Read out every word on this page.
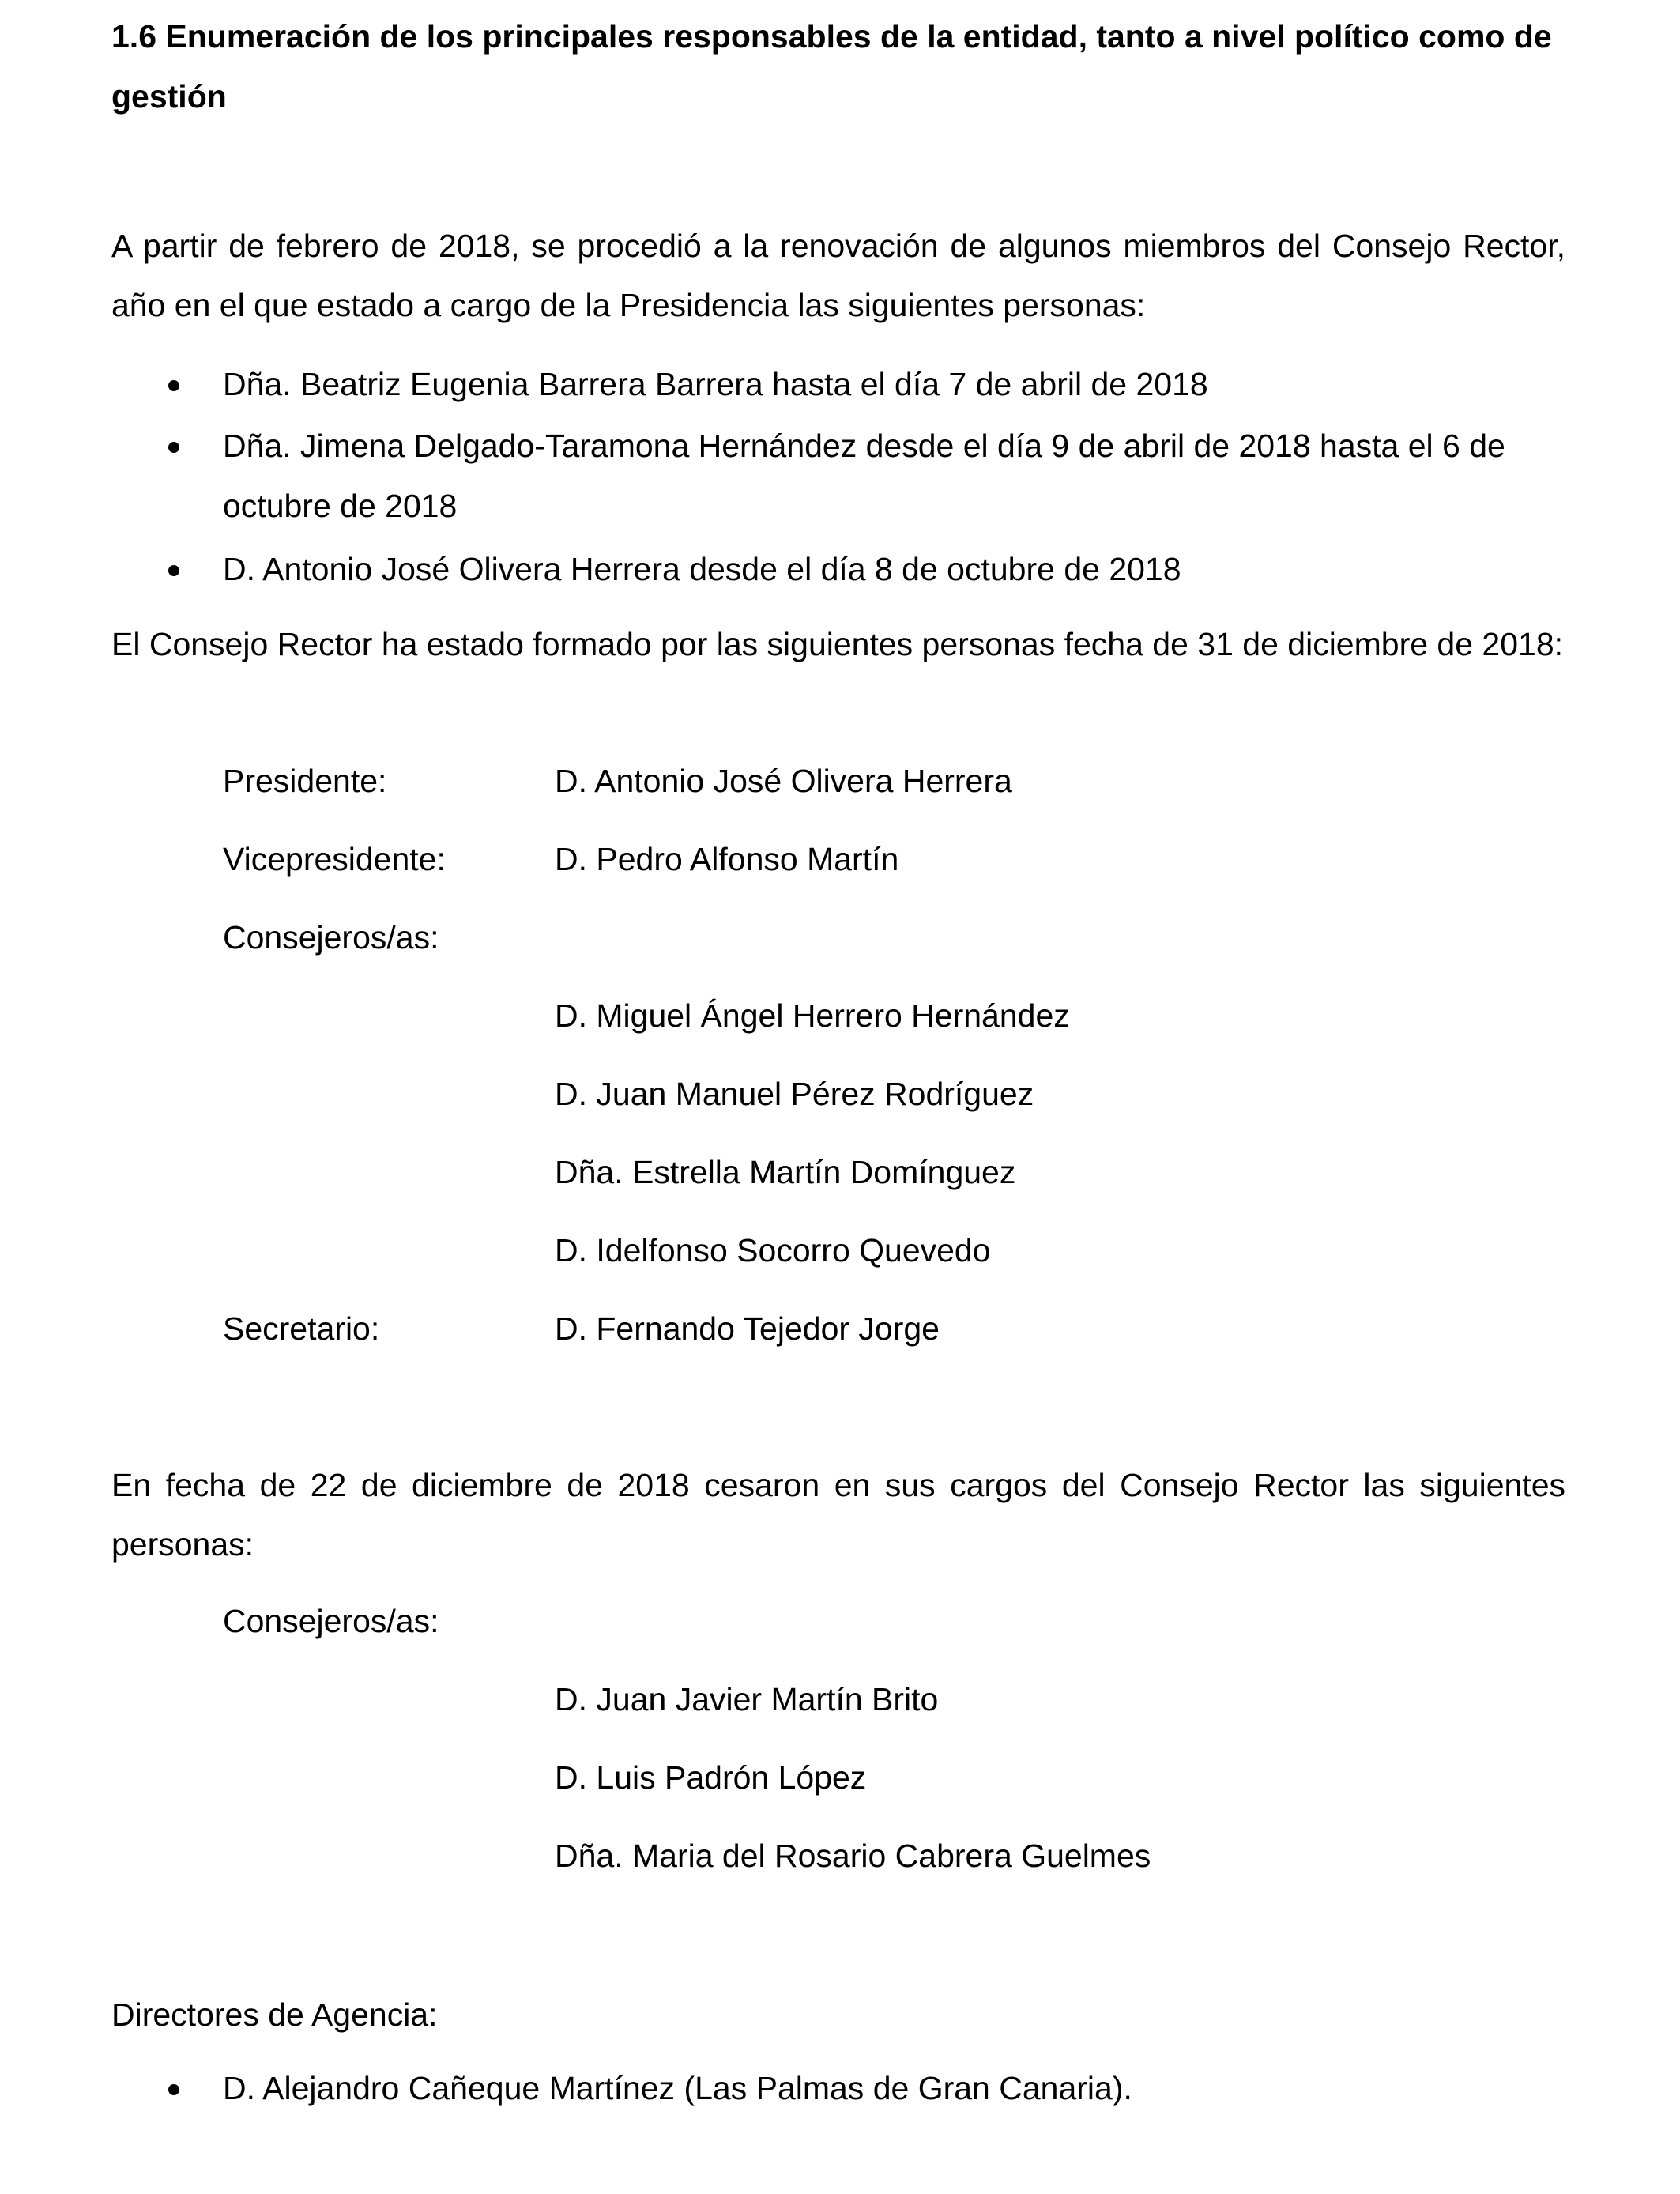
1.6 Enumeración de los principales responsables de la entidad, tanto a nivel político como de gestión

A partir de febrero de 2018, se procedió a la renovación de algunos miembros del Consejo Rector, año en el que estado a cargo de la Presidencia las siguientes personas:

Dña. Beatriz Eugenia Barrera Barrera hasta el día 7 de abril de 2018

Dña. Jimena Delgado-Taramona Hernández desde el día 9 de abril de 2018 hasta el 6 de octubre de 2018

D. Antonio José Olivera Herrera desde el día 8 de octubre de 2018

El Consejo Rector ha estado formado por las siguientes personas fecha de 31 de diciembre de 2018:

Presidente:	D. Antonio José Olivera Herrera
Vicepresidente:	D. Pedro Alfonso Martín
Consejeros/as:
D. Miguel Ángel Herrero Hernández
D. Juan Manuel Pérez Rodríguez
Dña. Estrella Martín Domínguez
D. Idelfonso Socorro Quevedo
Secretario:	D. Fernando Tejedor Jorge

En fecha de 22 de diciembre de 2018 cesaron en sus cargos del Consejo Rector las siguientes personas:

Consejeros/as:
D. Juan Javier Martín Brito
D. Luis Padrón López
Dña. Maria del Rosario Cabrera Guelmes

Directores de Agencia:

D. Alejandro Cañeque Martínez (Las Palmas de Gran Canaria).
